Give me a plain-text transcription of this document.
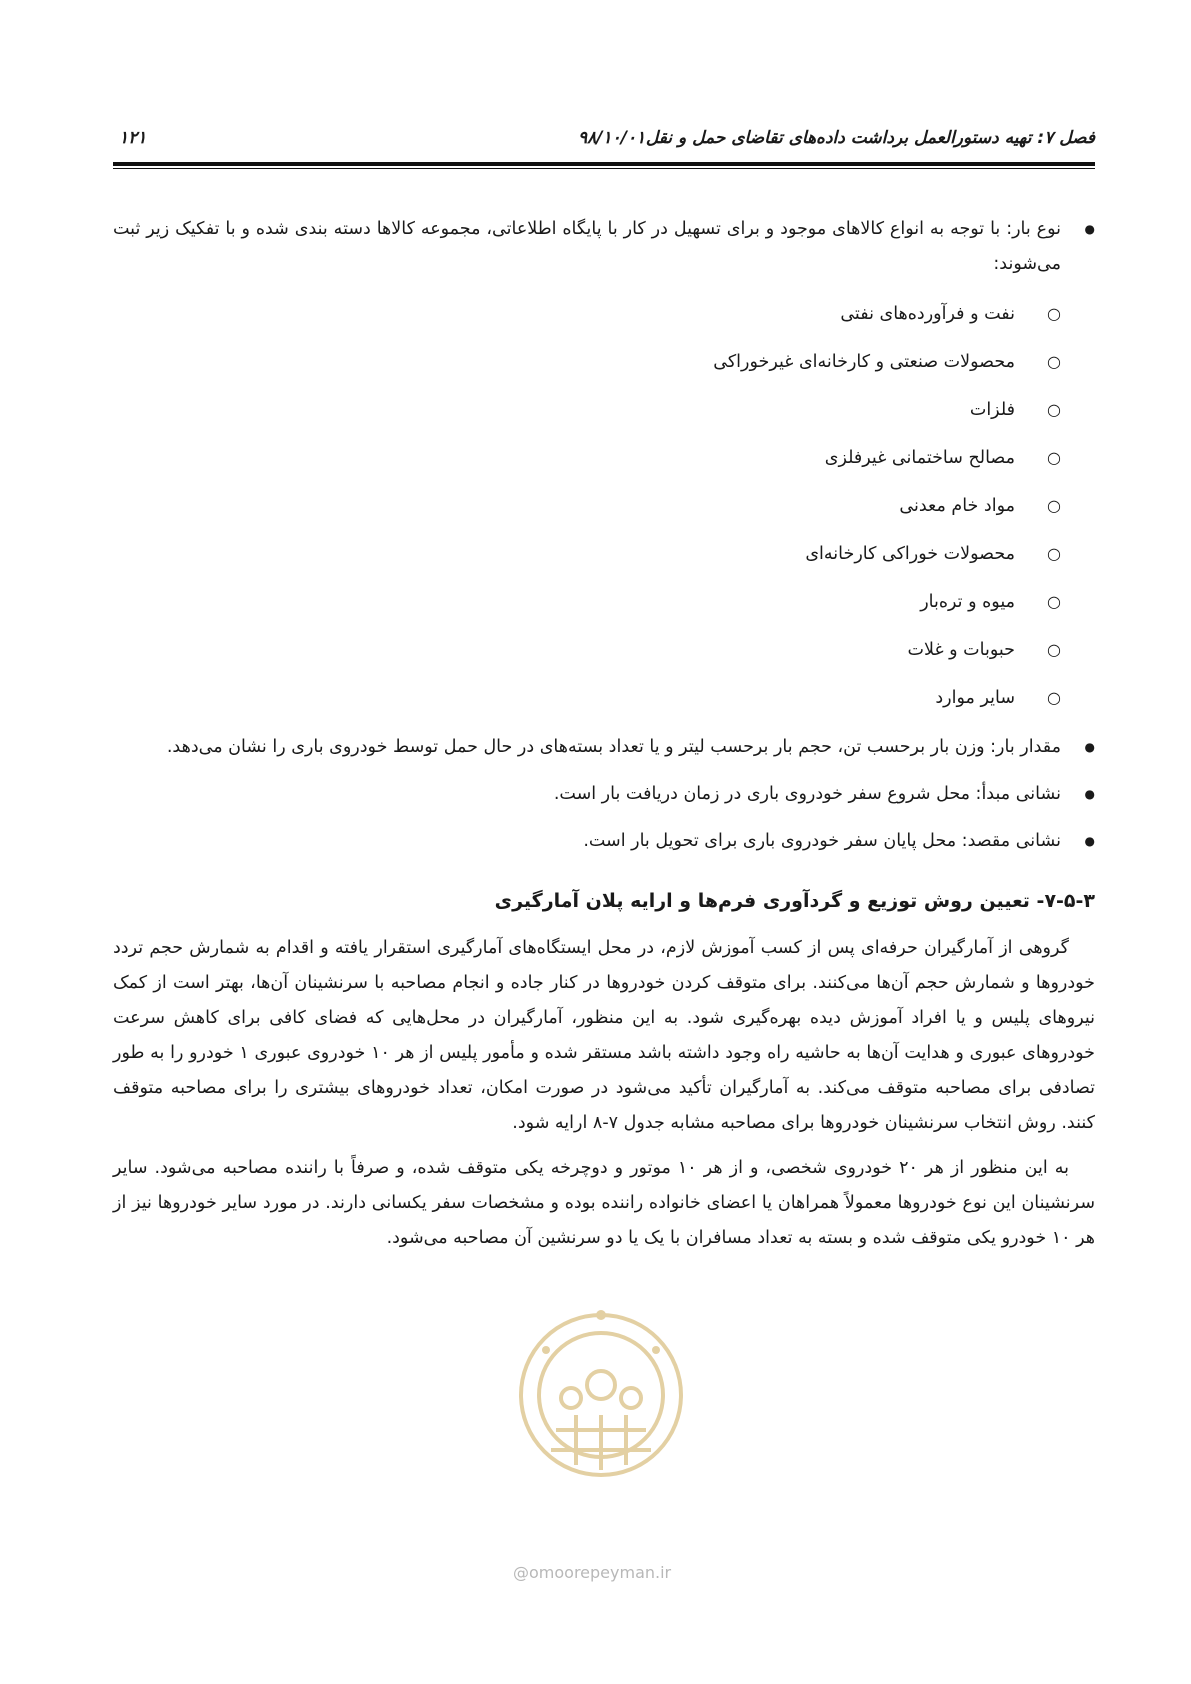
فصل ۷: تهیه دستورالعمل برداشت داده‌های تقاضای حمل و نقل
۹۸/۱۰/۰۱
۱۲۱
●
نوع بار: با توجه به انواع کالاهای موجود و برای تسهیل در کار با پایگاه اطلاعاتی، مجموعه کالاها دسته بندی شده و با تفکیک زیر ثبت می‌شوند:
○
نفت و فرآورده‌های نفتی
○
محصولات صنعتی و کارخانه‌ای غیرخوراکی
○
فلزات
○
مصالح ساختمانی غیرفلزی
○
مواد خام معدنی
○
محصولات خوراکی کارخانه‌ای
○
میوه و تره‌بار
○
حبوبات و غلات
○
سایر موارد
●
مقدار بار: وزن بار برحسب تن، حجم بار برحسب لیتر و یا تعداد بسته‌های در حال حمل توسط خودروی باری را نشان می‌دهد.
●
نشانی مبدأ: محل شروع سفر خودروی باری در زمان دریافت بار است.
●
نشانی مقصد: محل پایان سفر خودروی باری برای تحویل بار است.
۷-۵-۳- تعیین روش توزیع و گردآوری فرم‌ها و ارایه پلان آمارگیری

گروهی از آمارگیران حرفه‌ای پس از کسب آموزش لازم، در محل ایستگاه‌های آمارگیری استقرار یافته و اقدام به شمارش حجم تردد خودروها و شمارش حجم آن‌ها می‌کنند. برای متوقف کردن خودروها در کنار جاده و انجام مصاحبه با سرنشینان آن‌ها، بهتر است از کمک نیروهای پلیس و یا افراد آموزش دیده بهره‌گیری شود. به این منظور، آمارگیران در محل‌هایی که فضای کافی برای کاهش سرعت خودروهای عبوری و هدایت آن‌ها به حاشیه راه وجود داشته باشد مستقر شده و مأمور پلیس از هر ۱۰ خودروی عبوری ۱ خودرو را به طور تصادفی برای مصاحبه متوقف می‌کند. به آمارگیران تأکید می‌شود در صورت امکان، تعداد خودروهای بیشتری را برای مصاحبه متوقف کنند. روش انتخاب سرنشینان خودروها برای مصاحبه مشابه جدول ۷-۸ ارایه شود.

به این منظور از هر ۲۰ خودروی شخصی، و از هر ۱۰ موتور و دوچرخه یکی متوقف شده، و صرفاً با راننده مصاحبه می‌شود. سایر سرنشینان این نوع خودروها معمولاً همراهان یا اعضای خانواده راننده بوده و مشخصات سفر یکسانی دارند. در مورد سایر خودروها نیز از هر ۱۰ خودرو یکی متوقف شده و بسته به تعداد مسافران با یک یا دو سرنشین آن مصاحبه می‌شود.

@omoorepeyman.ir
